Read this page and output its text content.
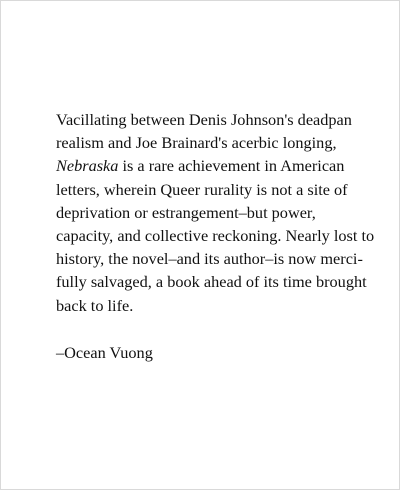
Vacillating between Denis Johnson's deadpan
realism and Joe Brainard's acerbic longing,
Nebraska is a rare achievement in American
letters, wherein Queer rurality is not a site of
deprivation or estrangement–but power,
capacity, and collective reckoning. Nearly lost to
history, the novel–and its author–is now merci-
fully salvaged, a book ahead of its time brought
back to life.
–Ocean Vuong
